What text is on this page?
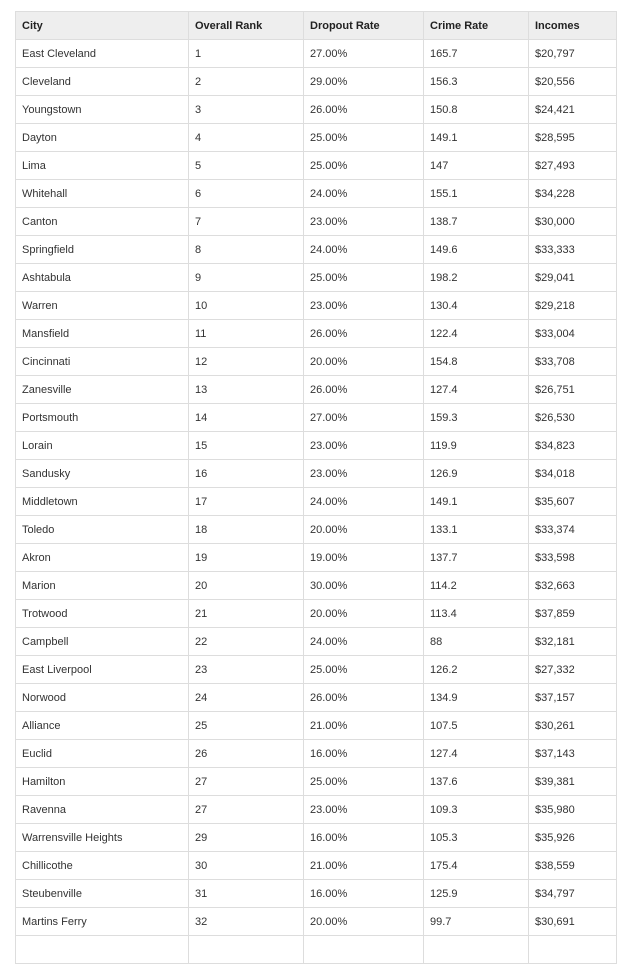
City	Overall Rank	Dropout Rate	Crime Rate	Incomes
East Cleveland	1	27.00%	165.7	$20,797
Cleveland	2	29.00%	156.3	$20,556
Youngstown	3	26.00%	150.8	$24,421
Dayton	4	25.00%	149.1	$28,595
Lima	5	25.00%	147	$27,493
Whitehall	6	24.00%	155.1	$34,228
Canton	7	23.00%	138.7	$30,000
Springfield	8	24.00%	149.6	$33,333
Ashtabula	9	25.00%	198.2	$29,041
Warren	10	23.00%	130.4	$29,218
Mansfield	11	26.00%	122.4	$33,004
Cincinnati	12	20.00%	154.8	$33,708
Zanesville	13	26.00%	127.4	$26,751
Portsmouth	14	27.00%	159.3	$26,530
Lorain	15	23.00%	119.9	$34,823
Sandusky	16	23.00%	126.9	$34,018
Middletown	17	24.00%	149.1	$35,607
Toledo	18	20.00%	133.1	$33,374
Akron	19	19.00%	137.7	$33,598
Marion	20	30.00%	114.2	$32,663
Trotwood	21	20.00%	113.4	$37,859
Campbell	22	24.00%	88	$32,181
East Liverpool	23	25.00%	126.2	$27,332
Norwood	24	26.00%	134.9	$37,157
Alliance	25	21.00%	107.5	$30,261
Euclid	26	16.00%	127.4	$37,143
Hamilton	27	25.00%	137.6	$39,381
Ravenna	27	23.00%	109.3	$35,980
Warrensville Heights	29	16.00%	105.3	$35,926
Chillicothe	30	21.00%	175.4	$38,559
Steubenville	31	16.00%	125.9	$34,797
Martins Ferry	32	20.00%	99.7	$30,691
